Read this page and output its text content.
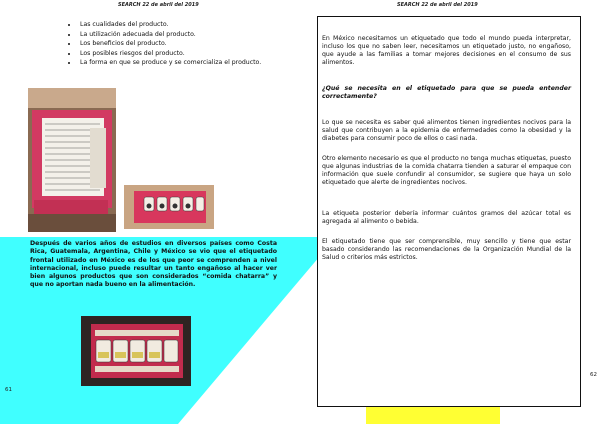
SEARCH 22 de abril del 2019	SEARCH 22 de abril del 2019
• Las cualidades del producto.
• La utilización adecuada del producto.
• Los beneficios del producto.
• Los posibles riesgos del producto.
• La forma en que se produce y se comercializa el producto.
Después de varios años de estudios en diversos países como Costa Rica, Guatemala, Argentina, Chile y México se vio que el etiquetado frontal utilizado en México es de los que peor se comprenden a nivel internacional, incluso puede resultar un tanto engañoso al hacer ver bien algunos productos que son considerados “comida chatarra” y que no aportan nada bueno en la alimentación.
61
En México necesitamos un etiquetado que todo el mundo pueda interpretar, incluso los que no saben leer, necesitamos un etiquetado justo, no engañoso, que ayude a las familias a tomar mejores decisiones en el consumo de sus alimentos.
¿Qué se necesita en el etiquetado para que se pueda entender correctamente?
Lo que se necesita es saber qué alimentos tienen ingredientes nocivos para la salud que contribuyen a la epidemia de enfermedades como la obesidad y la diabetes para consumir poco de ellos o casi nada.
Otro elemento necesario es que el producto no tenga muchas etiquetas, puesto que algunas industrias de la comida chatarra tienden a saturar el empaque con información que suele confundir al consumidor, se sugiere que haya un solo etiquetado que alerte de ingredientes nocivos.
La etiqueta posterior debería informar cuántos gramos del azúcar total es agregada al alimento o bebida.
El etiquetado tiene que ser comprensible, muy sencillo y tiene que estar basado considerando las recomendaciones de la Organización Mundial de la Salud o criterios más estrictos.
62
